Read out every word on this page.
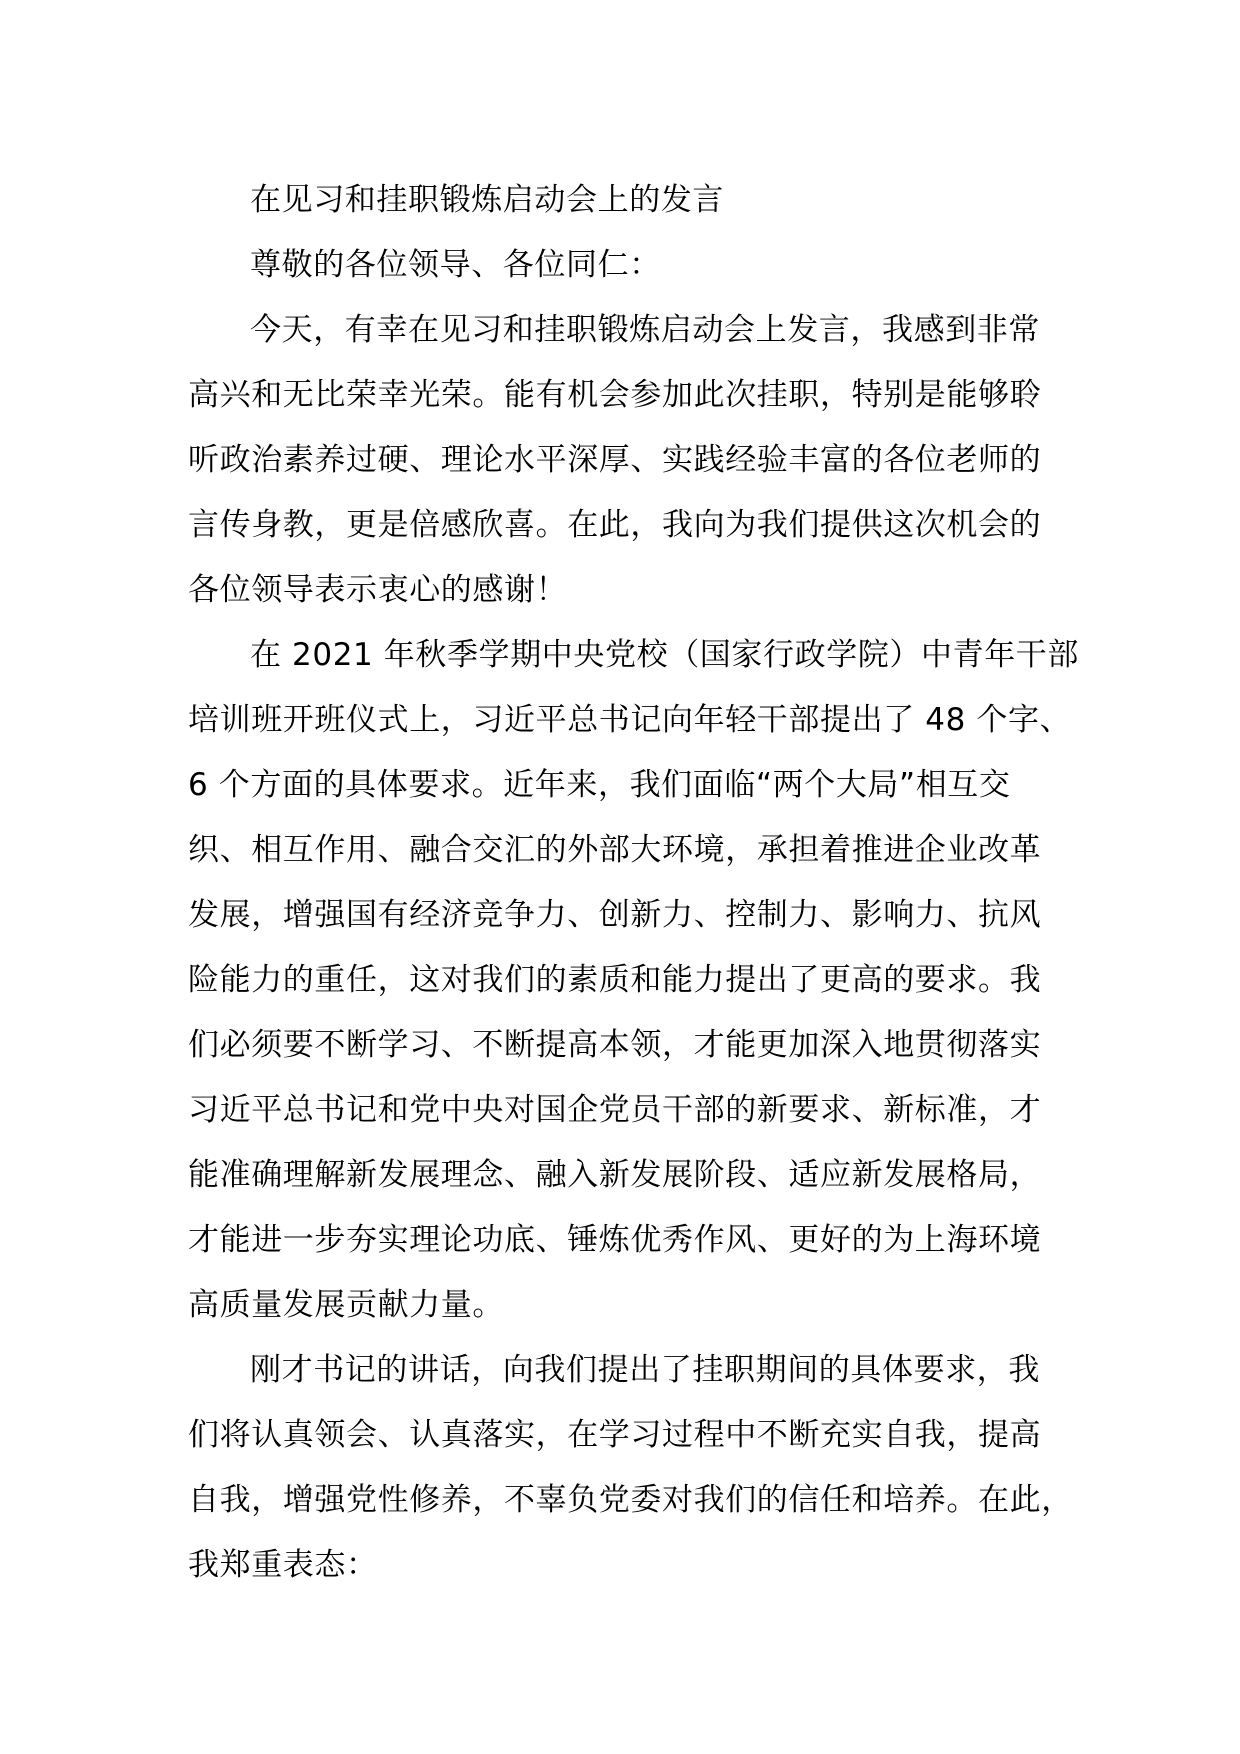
在见习和挂职锻炼启动会上的发言
尊敬的各位领导、各位同仁：
今天，有幸在见习和挂职锻炼启动会上发言，我感到非常
高兴和无比荣幸光荣。能有机会参加此次挂职，特别是能够聆
听政治素养过硬、理论水平深厚、实践经验丰富的各位老师的
言传身教，更是倍感欣喜。在此，我向为我们提供这次机会的
各位领导表示衷心的感谢！
在 2021 年秋季学期中央党校（国家行政学院）中青年干部
培训班开班仪式上，习近平总书记向年轻干部提出了 48 个字、
6 个方面的具体要求。近年来，我们面临“两个大局”相互交
织、相互作用、融合交汇的外部大环境，承担着推进企业改革
发展，增强国有经济竞争力、创新力、控制力、影响力、抗风
险能力的重任，这对我们的素质和能力提出了更高的要求。我
们必须要不断学习、不断提高本领，才能更加深入地贯彻落实
习近平总书记和党中央对国企党员干部的新要求、新标准，才
能准确理解新发展理念、融入新发展阶段、适应新发展格局，
才能进一步夯实理论功底、锤炼优秀作风、更好的为上海环境
高质量发展贡献力量。
刚才书记的讲话，向我们提出了挂职期间的具体要求，我
们将认真领会、认真落实，在学习过程中不断充实自我，提高
自我，增强党性修养，不辜负党委对我们的信任和培养。在此，
我郑重表态：
